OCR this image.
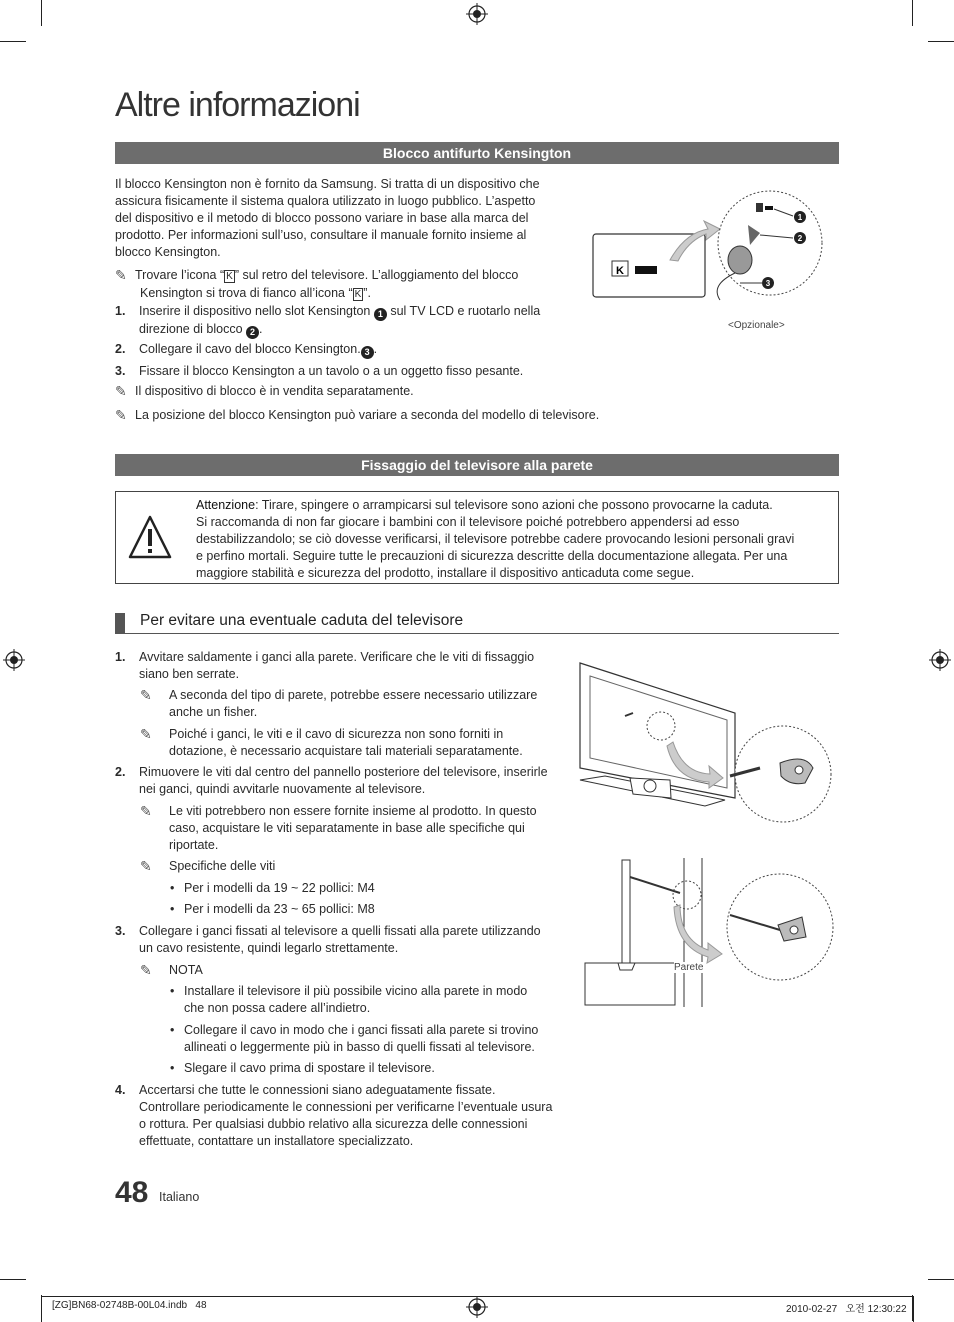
Altre informazioni
Blocco antifurto Kensington
Il blocco Kensington non è fornito da Samsung. Si tratta di un dispositivo che
assicura fisicamente il sistema qualora utilizzato in luogo pubblico. L’aspetto
del dispositivo e il metodo di blocco possono variare in base alla marca del
prodotto. Per informazioni sull’uso, consultare il manuale fornito insieme al
blocco Kensington.
✎ Trovare l’icona “ K ” sul retro del televisore. L’alloggiamento del blocco
Kensington si trova di fianco all’icona “ K ”.
1. Inserire il dispositivo nello slot Kensington 1 sul TV LCD e ruotarlo nella
direzione di blocco 2 .
2. Collegare il cavo del blocco Kensington. 3 .
3. Fissare il blocco Kensington a un tavolo o a un oggetto fisso pesante.
✎ Il dispositivo di blocco è in vendita separatamente.
✎ La posizione del blocco Kensington può variare a seconda del modello di televisore.
K
1
2
3
<Opzionale>
Fissaggio del televisore alla parete
Attenzione: Tirare, spingere o arrampicarsi sul televisore sono azioni che possono provocarne la caduta.
Si raccomanda di non far giocare i bambini con il televisore poiché potrebbero appendersi ad esso
destabilizzandolo; se ciò dovesse verificarsi, il televisore potrebbe cadere provocando lesioni personali gravi
e perfino mortali. Seguire tutte le precauzioni di sicurezza descritte della documentazione allegata. Per una
maggiore stabilità e sicurezza del prodotto, installare il dispositivo anticaduta come segue.
Per evitare una eventuale caduta del televisore
1. Avvitare saldamente i ganci alla parete. Verificare che le viti di fissaggio
siano ben serrate.
✎ A seconda del tipo di parete, potrebbe essere necessario utilizzare
anche un fisher.
✎ Poiché i ganci, le viti e il cavo di sicurezza non sono forniti in
dotazione, è necessario acquistare tali materiali separatamente.
2. Rimuovere le viti dal centro del pannello posteriore del televisore, inserirle
nei ganci, quindi avvitarle nuovamente al televisore.
✎ Le viti potrebbero non essere fornite insieme al prodotto. In questo
caso, acquistare le viti separatamente in base alle specifiche qui
riportate.
✎ Specifiche delle viti
• Per i modelli da 19 ~ 22 pollici: M4
• Per i modelli da 23 ~ 65 pollici: M8
3. Collegare i ganci fissati al televisore a quelli fissati alla parete utilizzando
un cavo resistente, quindi legarlo strettamente.
✎ NOTA
• Installare il televisore il più possibile vicino alla parete in modo
che non possa cadere all’indietro.
• Collegare il cavo in modo che i ganci fissati alla parete si trovino
allineati o leggermente più in basso di quelli fissati al televisore.
• Slegare il cavo prima di spostare il televisore.
4. Accertarsi che tutte le connessioni siano adeguatamente fissate.
Controllare periodicamente le connessioni per verificarne l’eventuale usura
o rottura. Per qualsiasi dubbio relativo alla sicurezza delle connessioni
effettuate, contattare un installatore specializzato.
Parete
48 Italiano
[ZG]BN68-02748B-00L04.indb   48	2010-02-27   오전 12:30:22
